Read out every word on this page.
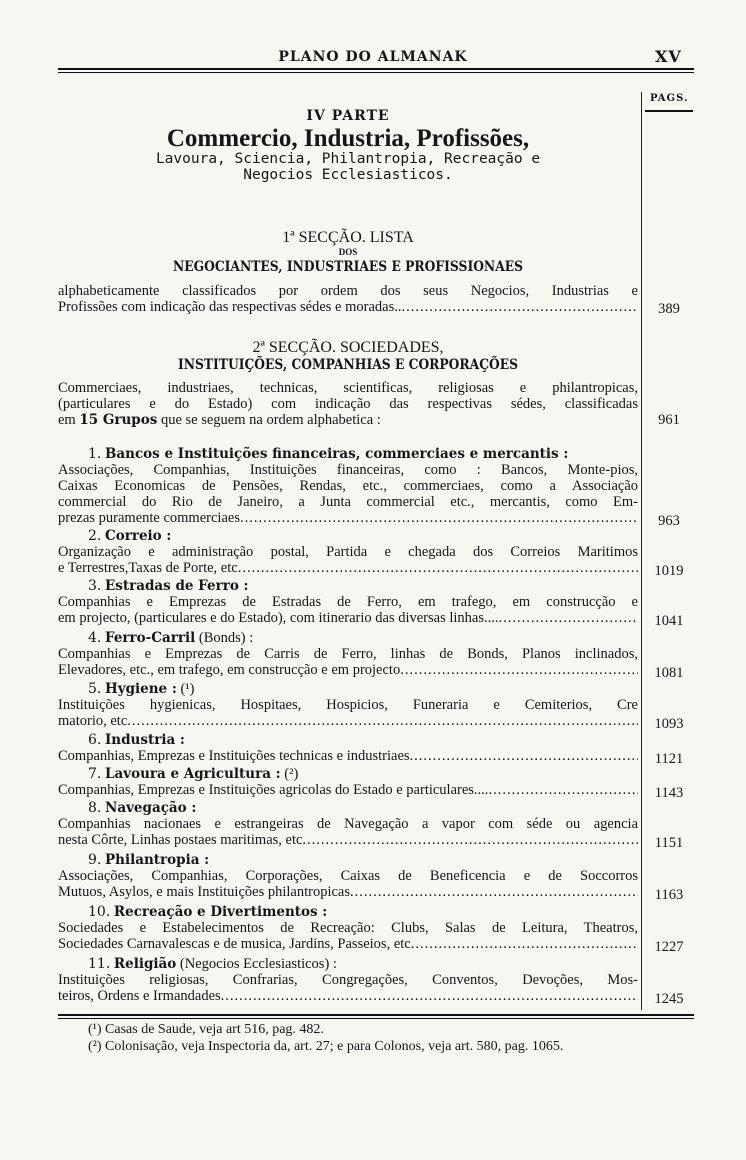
PLANO DO ALMANAK	XV
PAGS.
IV PARTE
Commercio, Industria, Profissões,
Lavoura, Sciencia, Philantropia, Recreação e
Negocios Ecclesiasticos.
1ª SECÇÃO. LISTA
DOS
NEGOCIANTES, INDUSTRIAES E PROFISSIONAES
alphabeticamente classificados por ordem dos seus Negocios, Industrias e
Profissões com indicação das respectivas sédes e moradas.. .....	389
2ª SECÇÃO. SOCIEDADES,
INSTITUIÇÕES, COMPANHIAS E CORPORAÇÕES
Commerciaes, industriaes, technicas, scientificas, religiosas e philantropicas,
(particulares e do Estado) com indicação das respectivas sédes, classificadas
em 15 Grupos que se seguem na ordem alphabetica :	961
1. Bancos e Instituições financeiras, commerciaes e mercantis :
Associações, Companhias, Instituições financeiras, como : Bancos, Monte-pios,
Caixas Economicas de Pensões, Rendas, etc., commerciaes, como a Associação
commercial do Rio de Janeiro, a Junta commercial etc., mercantis, como Em-
prezas puramente commerciaes .....	963
2. Correio :
Organização e administração postal, Partida e chegada dos Correios Maritimos
e Terrestres,Taxas de Porte, etc .....	1019
3. Estradas de Ferro :
Companhias e Emprezas de Estradas de Ferro, em trafego, em construcção e
em projecto, (particulares e do Estado), com itinerario das diversas linhas.... .....	1041
4. Ferro-Carril (Bonds) :
Companhias e Emprezas de Carris de Ferro, linhas de Bonds, Planos inclinados,
Elevadores, etc., em trafego, em construcção e em projecto .....	1081
5. Hygiene : (¹)
Instituições hygienicas, Hospitaes, Hospicios, Funeraria e Cemiterios, Cre
matorio, etc .....	1093
6. Industria :
Companhias, Emprezas e Instituições technicas e industriaes .....	1121
7. Lavoura e Agricultura : (²)
Companhias, Emprezas e Instituições agricolas do Estado e particulares.... .....	1143
8. Navegação :
Companhias nacionaes e estrangeiras de Navegação a vapor com séde ou agencia
nesta Côrte, Linhas postaes maritimas, etc .....	1151
9. Philantropia :
Associações, Companhias, Corporações, Caixas de Beneficencia e de Soccorros
Mutuos, Asylos, e mais Instituições philantropicas .....	1163
10. Recreação e Divertimentos :
Sociedades e Estabelecimentos de Recreação: Clubs, Salas de Leitura, Theatros,
Sociedades Carnavalescas e de musica, Jardins, Passeios, etc .....	1227
11. Religião (Negocios Ecclesiasticos) :
Instituições religiosas, Confrarias, Congregações, Conventos, Devoções, Mos-
teiros, Ordens e Irmandades .....	1245
(¹) Casas de Saude, veja art 516, pag. 482.
(²) Colonisação, veja Inspectoria da, art. 27; e para Colonos, veja art. 580, pag. 1065.
